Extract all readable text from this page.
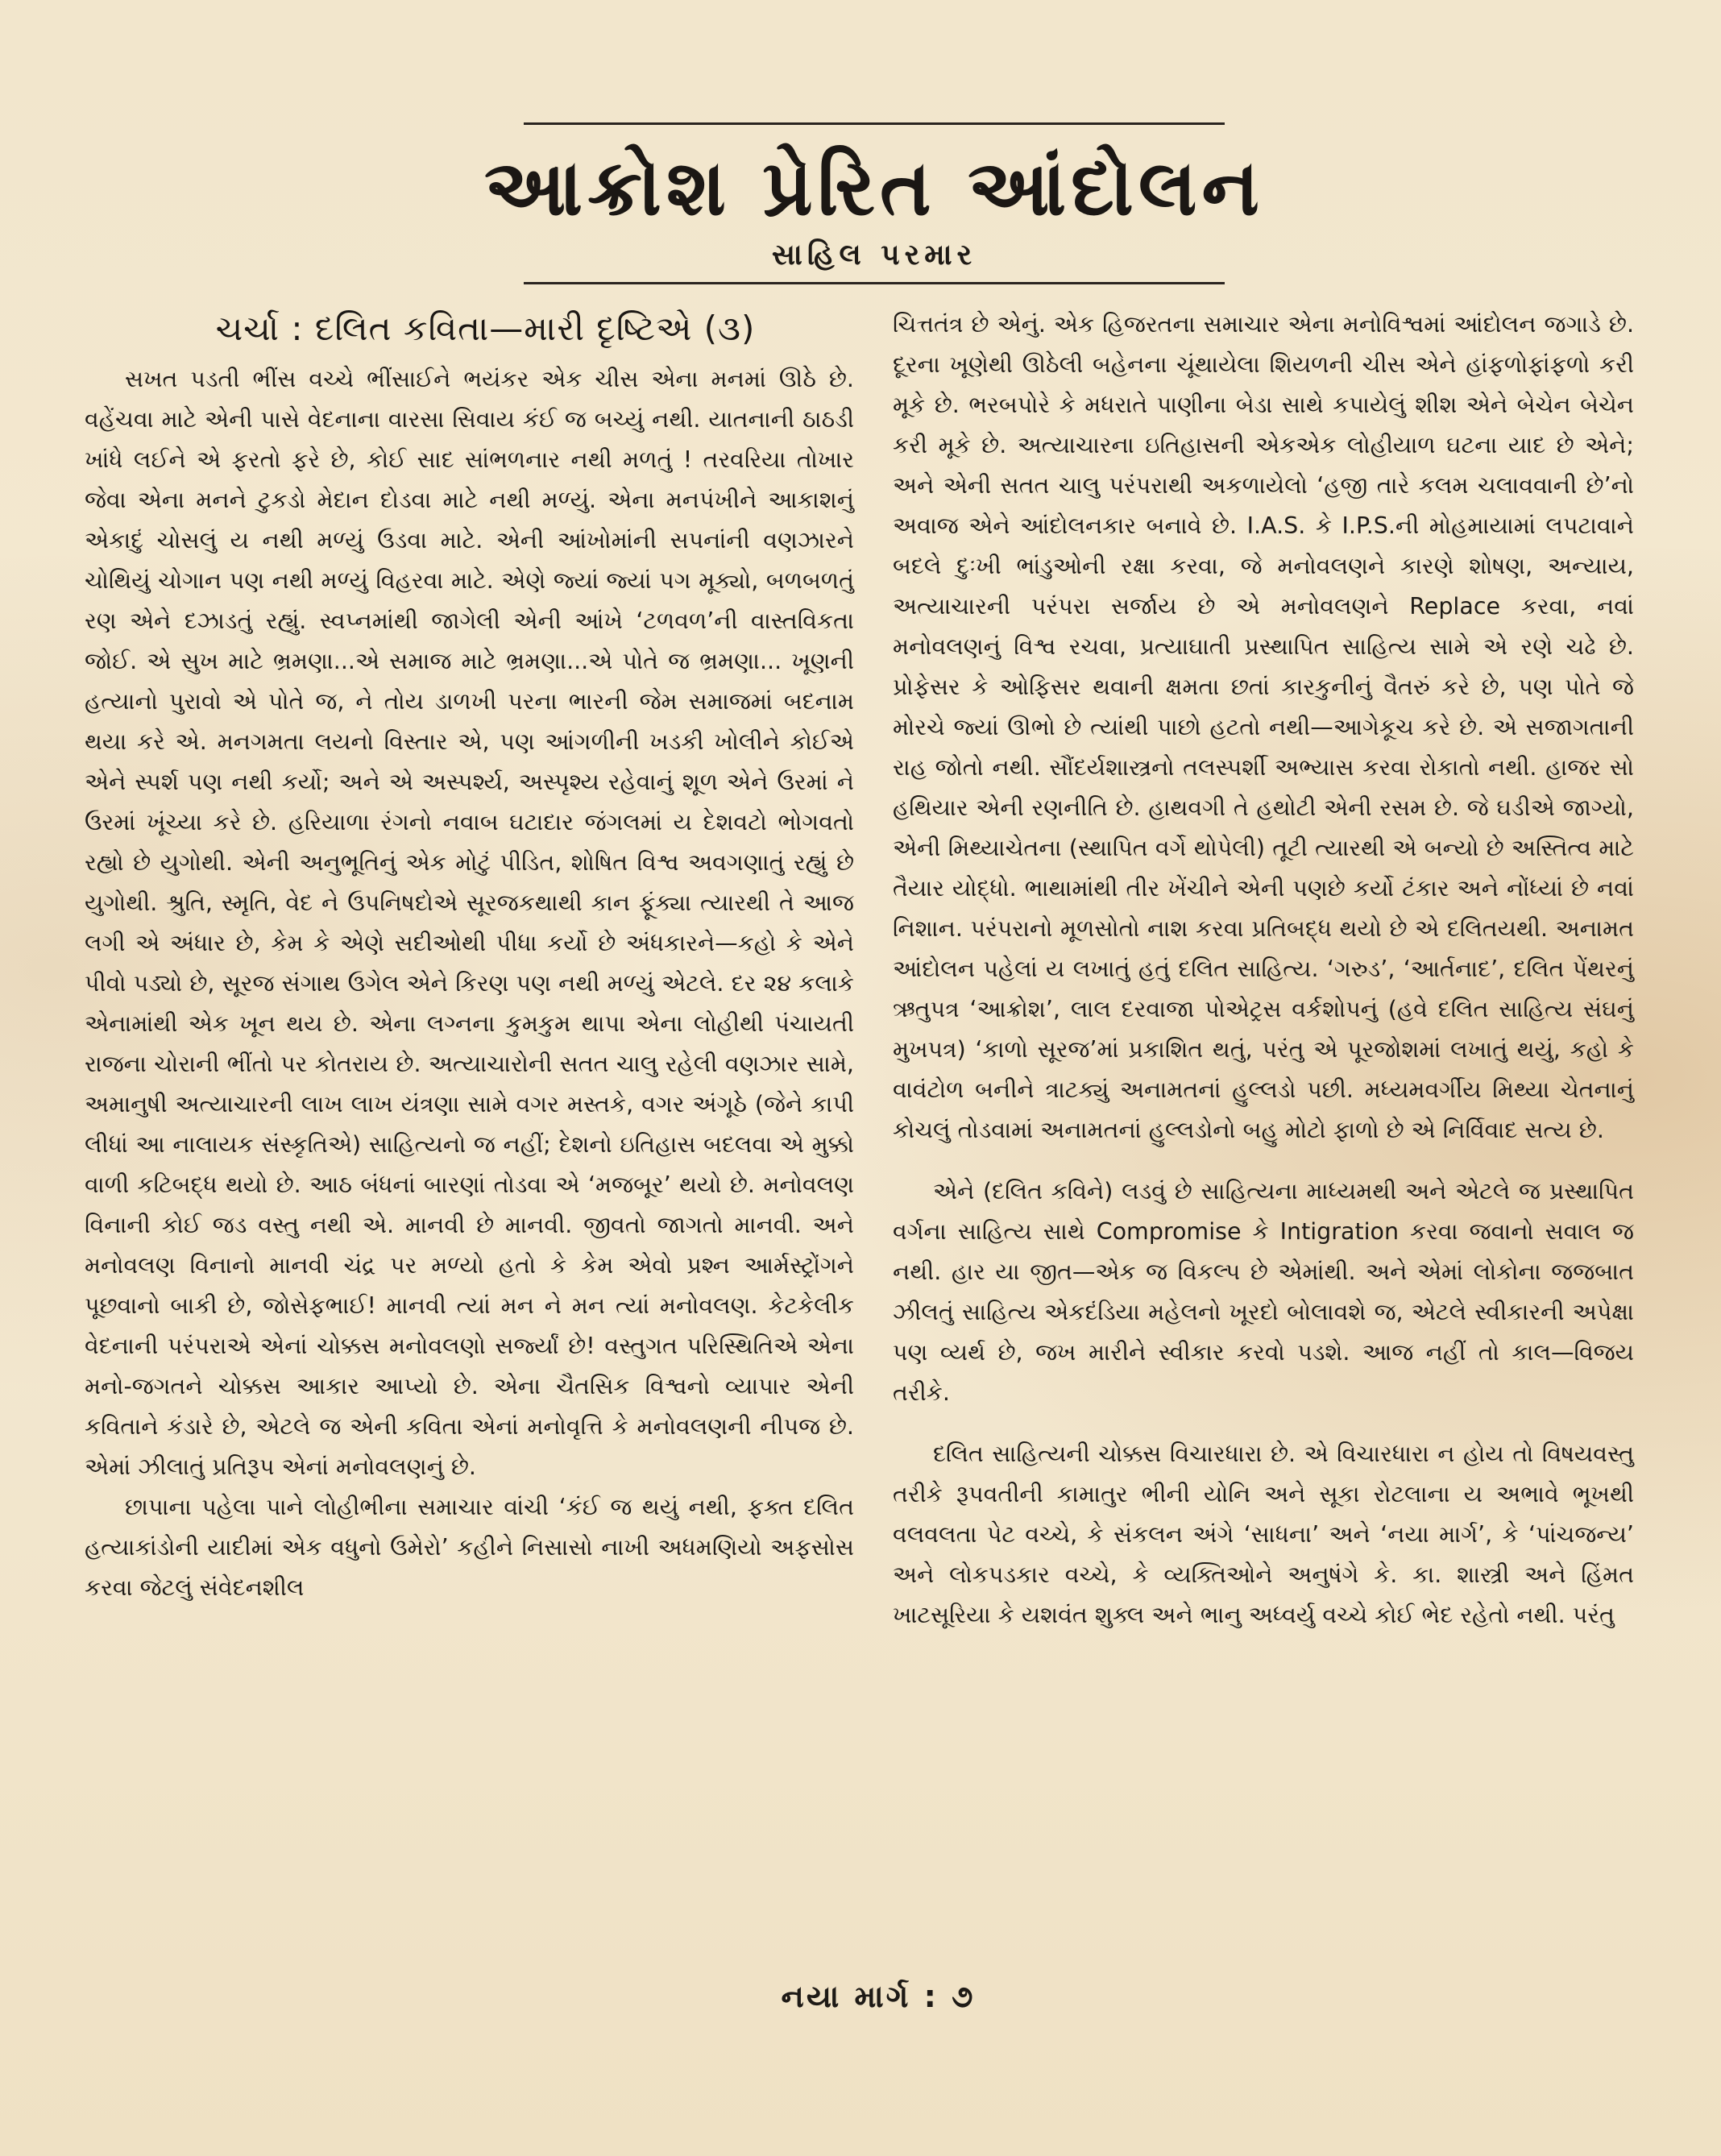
આક્રોશ પ્રેરિત આંદોલન
સાહિલ પરમાર
ચર્ચા : દલિત કવિતા—મારી દૃષ્ટિએ (૩)

સખત પડતી ભીંસ વચ્ચે ભીંસાઈને ભયંકર એક ચીસ એના મનમાં ઊઠે છે. વહેંચવા માટે એની પાસે વેદનાના વારસા સિવાય કંઈ જ બચ્યું નથી. યાતનાની ઠાઠડી ખાંધે લઈને એ ફરતો ફરે છે, કોઈ સાદ સાંભળનાર નથી મળતું ! તરવરિયા તોખાર જેવા એના મનને ટુકડો મેદાન દોડવા માટે નથી મળ્યું. એના મનપંખીને આકાશનું એકાદું ચોસલું ય નથી મળ્યું ઉડવા માટે. એની આંખોમાંની સપનાંની વણઝારને ચોથિયું ચોગાન પણ નથી મળ્યું વિહરવા માટે. એણે જ્યાં જ્યાં પગ મૂક્યો, બળબળતું રણ એને દઝાડતું રહ્યું. સ્વપ્નમાંથી જાગેલી એની આંખે ‘ટળવળ’ની વાસ્તવિકતા જોઈ. એ સુખ માટે ભ્રમણા...એ સમાજ માટે ભ્રમણા...એ પોતે જ ભ્રમણા... ખૂણની હત્યાનો પુરાવો એ પોતે જ, ને તોય ડાળખી પરના ભારની જેમ સમાજમાં બદનામ થયા કરે એ. મનગમતા લયનો વિસ્તાર એ, પણ આંગળીની ખડકી ખોલીને કોઈએ એને સ્પર્શ પણ નથી કર્યો; અને એ અસ્પર્શ્ય, અસ્પૃશ્ય રહેવાનું શૂળ એને ઉરમાં ને ઉરમાં ખૂંચ્યા કરે છે. હરિયાળા રંગનો નવાબ ઘટાદાર જંગલમાં ય દેશવટો ભોગવતો રહ્યો છે યુગોથી. એની અનુભૂતિનું એક મોટું પીડિત, શોષિત વિશ્વ અવગણાતું રહ્યું છે યુગોથી. શ્રુતિ, સ્મૃતિ, વેદ ને ઉપનિષદોએ સૂરજકથાથી કાન ફૂંક્યા ત્યારથી તે આજ લગી એ અંધાર છે, કેમ કે એણે સદીઓથી પીધા કર્યો છે અંધકારને—કહો કે એને પીવો પડ્યો છે, સૂરજ સંગાથ ઉગેલ એને કિરણ પણ નથી મળ્યું એટલે. દર ૨૪ કલાકે એનામાંથી એક ખૂન થય છે. એના લગ્નના કુમકુમ થાપા એના લોહીથી પંચાયતી રાજના ચોરાની ભીંતો પર કોતરાય છે. અત્યાચારોની સતત ચાલુ રહેલી વણઝાર સામે, અમાનુષી અત્યાચારની લાખ લાખ યંત્રણા સામે વગર મસ્તકે, વગર અંગૂઠે (જેને કાપી લીધાં આ નાલાયક સંસ્કૃતિએ) સાહિત્યનો જ નહીં; દેશનો ઇતિહાસ બદલવા એ મુક્કો વાળી કટિબદ્ધ થયો છે. આઠ બંધનાં બારણાં તોડવા એ ‘મજબૂર’ થયો છે. મનોવલણ વિનાની કોઈ જડ વસ્તુ નથી એ. માનવી છે માનવી. જીવતો જાગતો માનવી. અને મનોવલણ વિનાનો માનવી ચંદ્ર પર મળ્યો હતો કે કેમ એવો પ્રશ્ન આર્મસ્ટ્રોંગને પૂછવાનો બાકી છે, જોસેફભાઈ! માનવી ત્યાં મન ને મન ત્યાં મનોવલણ. કેટકેલીક વેદનાની પરંપરાએ એનાં ચોક્કસ મનોવલણો સર્જ્યાં છે! વસ્તુગત પરિસ્થિતિએ એના મનો-જગતને ચોક્કસ આકાર આપ્યો છે. એના ચૈતસિક વિશ્વનો વ્યાપાર એની કવિતાને કંડારે છે, એટલે જ એની કવિતા એનાં મનોવૃત્તિ કે મનોવલણની નીપજ છે. એમાં ઝીલાતું પ્રતિરૂપ એનાં મનોવલણનું છે.

છાપાના પહેલા પાને લોહીભીના સમાચાર વાંચી ‘કંઈ જ થયું નથી, ફક્ત દલિત હત્યાકાંડોની યાદીમાં એક વધુનો ઉમેરો’ કહીને નિસાસો નાખી અધમણિયો અફસોસ કરવા જેટલું સંવેદનશીલ

ચિત્તતંત્ર છે એનું. એક હિજરતના સમાચાર એના મનોવિશ્વમાં આંદોલન જગાડે છે. દૂરના ખૂણેથી ઊઠેલી બહેનના ચૂંથાયેલા શિયળની ચીસ એને હાંફળોફાંફળો કરી મૂકે છે. ભરબપોરે કે મધરાતે પાણીના બેડા સાથે કપાયેલું શીશ એને બેચેન બેચેન કરી મૂકે છે. અત્યાચારના ઇતિહાસની એકએક લોહીયાળ ઘટના યાદ છે એને; અને એની સતત ચાલુ પરંપરાથી અકળાયેલો ‘હજી તારે કલમ ચલાવવાની છે’નો અવાજ એને આંદોલનકાર બનાવે છે. I.A.S. કે I.P.S.ની મોહમાયામાં લપટાવાને બદલે દુઃખી ભાંડુઓની રક્ષા કરવા, જે મનોવલણને કારણે શોષણ, અન્યાય, અત્યાચારની પરંપરા સર્જાય છે એ મનોવલણને Replace કરવા, નવાં મનોવલણનું વિશ્વ રચવા, પ્રત્યાઘાતી પ્રસ્થાપિત સાહિત્ય સામે એ રણે ચઢે છે. પ્રોફેસર કે ઓફિસર થવાની ક્ષમતા છતાં કારકુનીનું વૈતરું કરે છે, પણ પોતે જે મોરચે જ્યાં ઊભો છે ત્યાંથી પાછો હટતો નથી—આગેકૂચ કરે છે. એ સજાગતાની રાહ જોતો નથી. સૌંદર્યશાસ્ત્રનો તલસ્પર્શી અભ્યાસ કરવા રોકાતો નથી. હાજર સો હથિયાર એની રણનીતિ છે. હાથવગી તે હથોટી એની રસમ છે. જે ઘડીએ જાગ્યો, એની મિથ્યાચેતના (સ્થાપિત વર્ગે થોપેલી) તૂટી ત્યારથી એ બન્યો છે અસ્તિત્વ માટે તૈયાર યોદ્ધો. ભાથામાંથી તીર ખેંચીને એની પણછે કર્યો ટંકાર અને નોંધ્યાં છે નવાં નિશાન. પરંપરાનો મૂળસોતો નાશ કરવા પ્રતિબદ્ધ થયો છે એ દલિતયથી. અનામત આંદોલન પહેલાં ય લખાતું હતું દલિત સાહિત્ય. ‘ગરુડ’, ‘આર્તનાદ’, દલિત પેંથરનું ઋતુપત્ર ‘આક્રોશ’, લાલ દરવાજા પોએટ્રસ વર્કશોપનું (હવે દલિત સાહિત્ય સંઘનું મુખપત્ર) ‘કાળો સૂરજ’માં પ્રકાશિત થતું, પરંતુ એ પૂરજોશમાં લખાતું થયું, કહો કે વાવંટોળ બનીને ત્રાટક્યું અનામતનાં હુલ્લડો પછી. મધ્યમવર્ગીય મિથ્યા ચેતનાનું કોચલું તોડવામાં અનામતનાં હુલ્લડોનો બહુ મોટો ફાળો છે એ નિર્વિવાદ સત્ય છે.

એને (દલિત કવિને) લડવું છે સાહિત્યના માધ્યમથી અને એટલે જ પ્રસ્થાપિત વર્ગના સાહિત્ય સાથે Compromise કે Intigration કરવા જવાનો સવાલ જ નથી. હાર યા જીત—એક જ વિકલ્પ છે એમાંથી. અને એમાં લોકોના જજબાત ઝીલતું સાહિત્ય એકદંડિયા મહેલનો ખૂરદો બોલાવશે જ, એટલે સ્વીકારની અપેક્ષા પણ વ્યર્થ છે, જખ મારીને સ્વીકાર કરવો પડશે. આજ નહીં તો કાલ—વિજય તરીકે.

દલિત સાહિત્યની ચોક્કસ વિચારધારા છે. એ વિચારધારા ન હોય તો વિષયવસ્તુ તરીકે રૂપવતીની કામાતુર ભીની યોનિ અને સૂકા રોટલાના ય અભાવે ભૂખથી વલવલતા પેટ વચ્ચે, કે સંકલન અંગે ‘સાધના’ અને ‘નયા માર્ગ’, કે ‘પાંચજન્ય’ અને લોકપડકાર વચ્ચે, કે વ્યક્તિઓને અનુષંગે કે. કા. શાસ્ત્રી અને હિંમત ખાટસૂરિયા કે યશવંત શુક્લ અને ભાનુ અધ્વર્યુ વચ્ચે કોઈ ભેદ રહેતો નથી. પરંતુ

નયા માર્ગ : ૭
